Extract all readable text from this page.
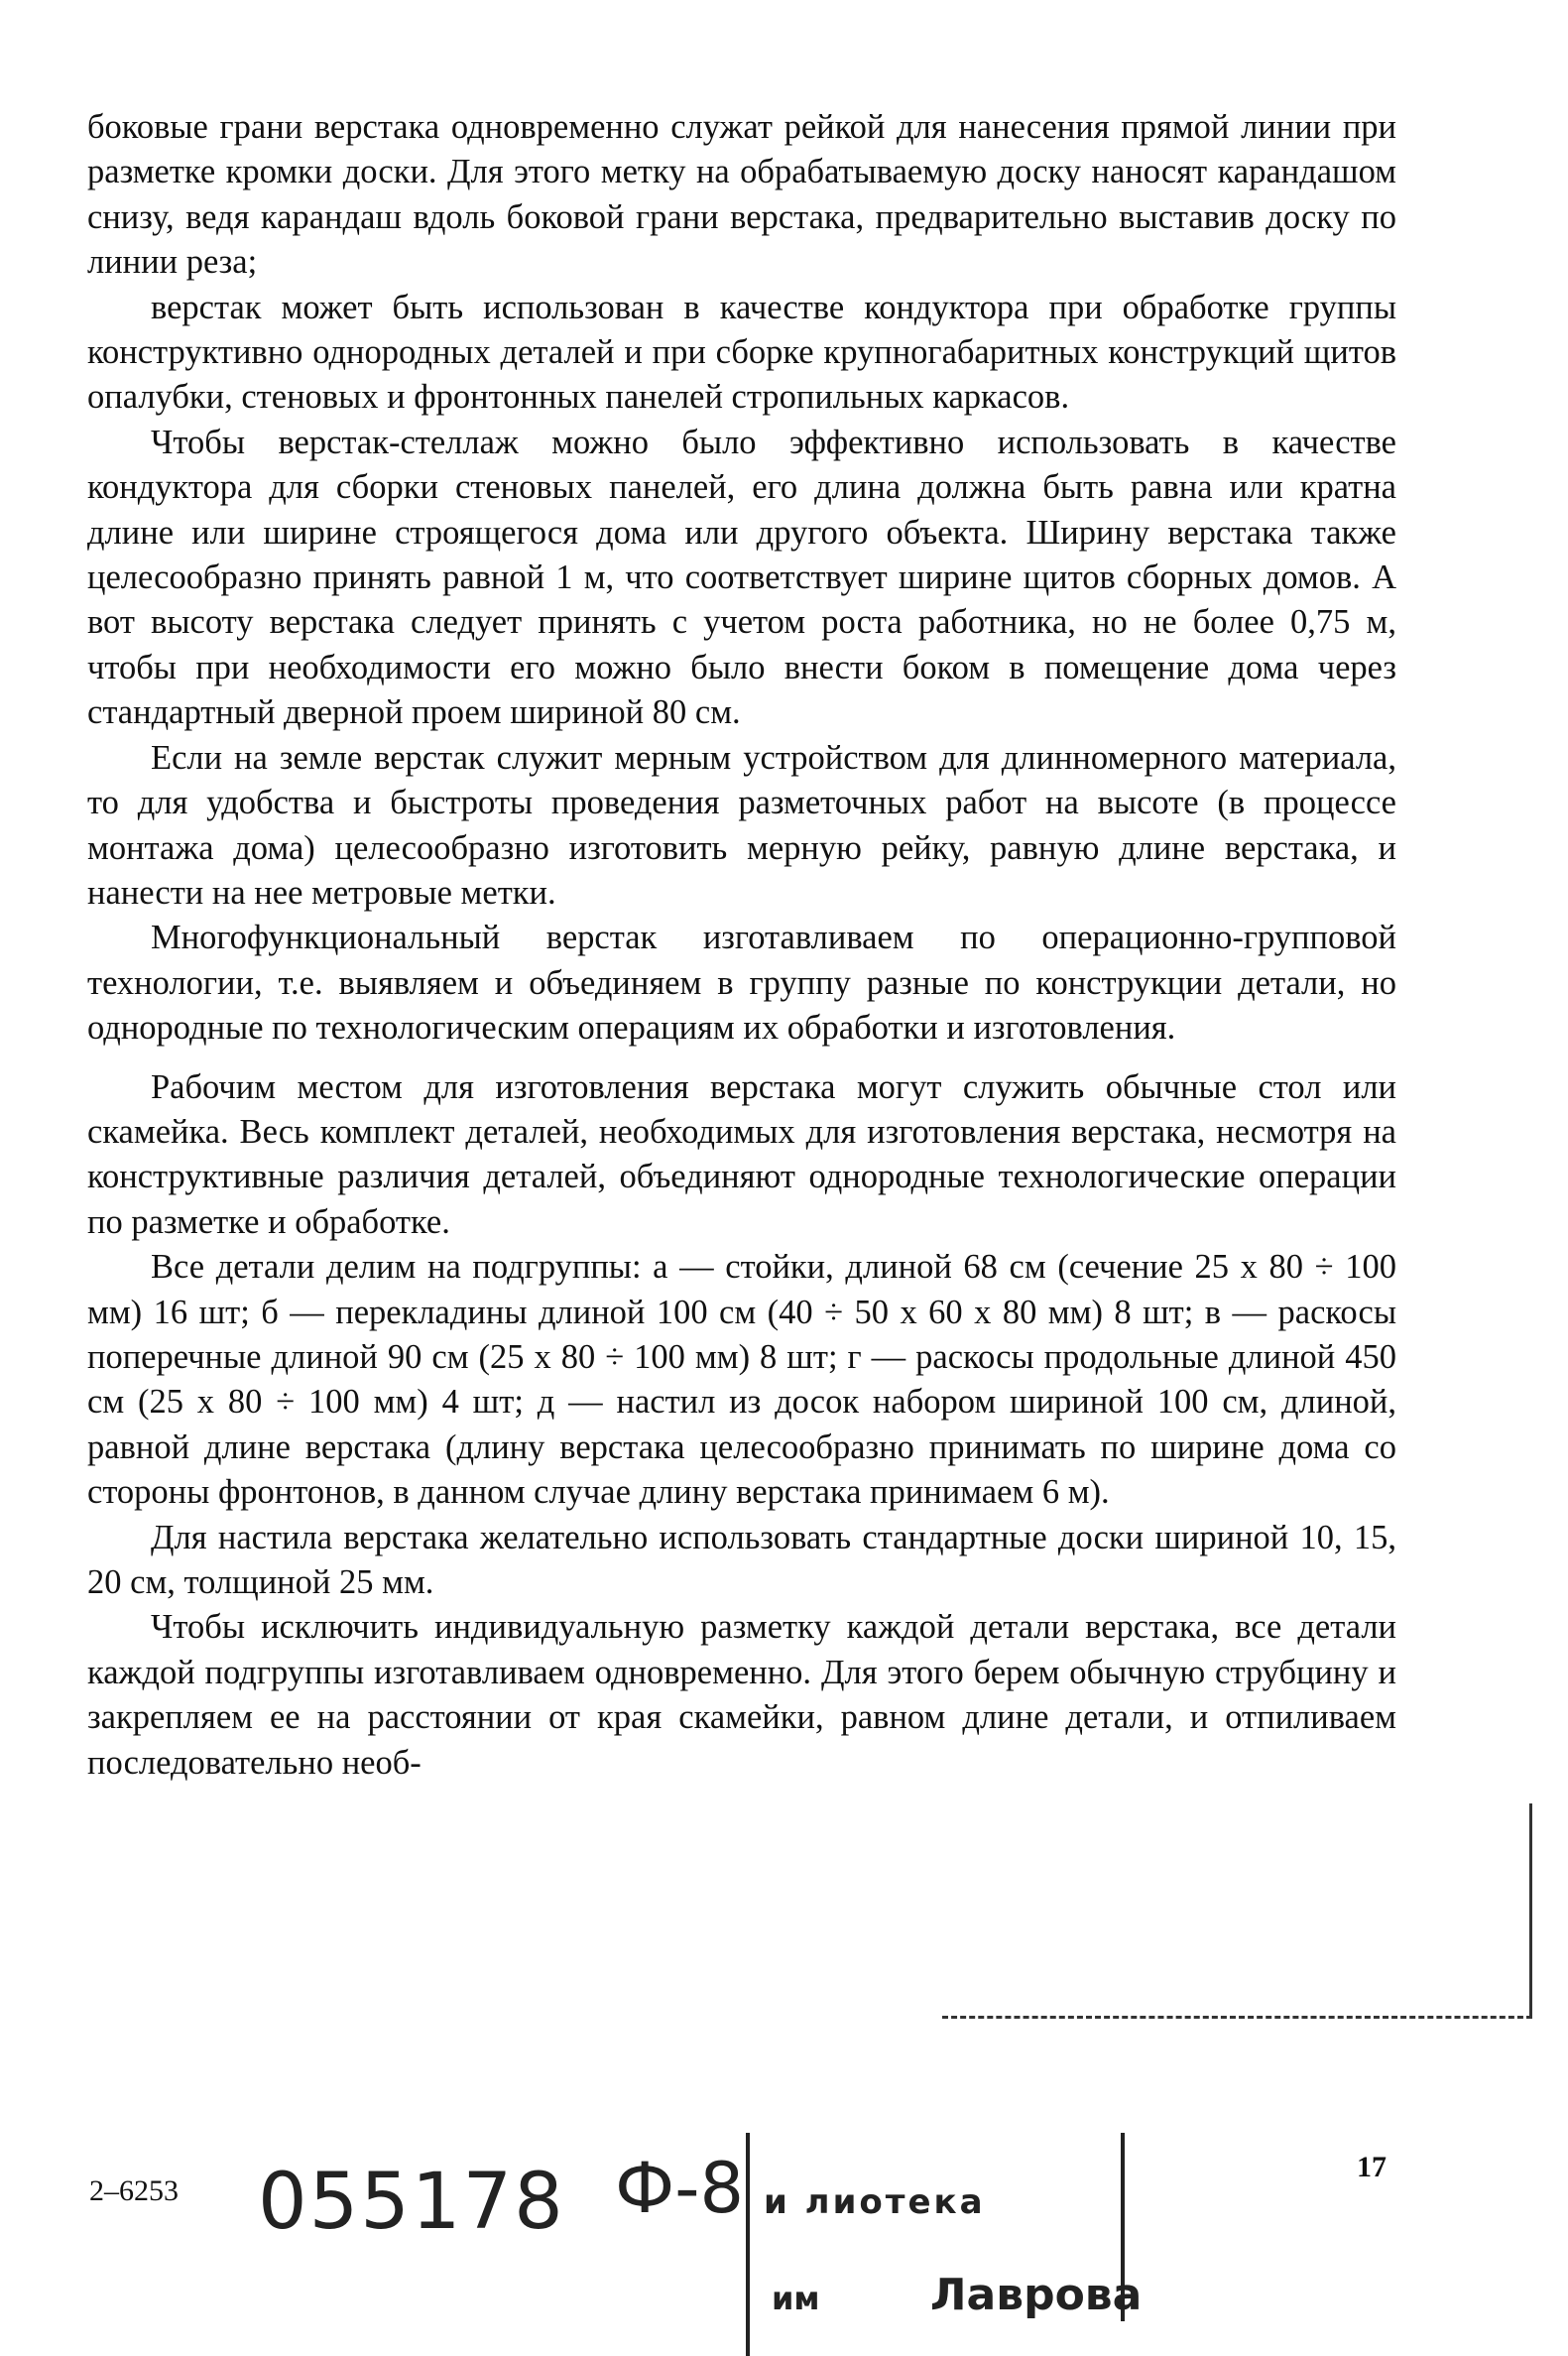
боковые грани верстака одновременно служат рейкой для нанесения прямой линии при разметке кромки доски. Для этого метку на обрабатываемую доску наносят карандашом снизу, ведя карандаш вдоль боковой грани верстака, предварительно выставив доску по линии реза;

верстак может быть использован в качестве кондуктора при обработке группы конструктивно однородных деталей и при сборке крупногабаритных конструкций щитов опалубки, стеновых и фронтонных панелей стропильных каркасов.

Чтобы верстак-стеллаж можно было эффективно использовать в качестве кондуктора для сборки стеновых панелей, его длина должна быть равна или кратна длине или ширине строящегося дома или другого объекта. Ширину верстака также целесообразно принять равной 1 м, что соответствует ширине щитов сборных домов. А вот высоту верстака следует принять с учетом роста работника, но не более 0,75 м, чтобы при необходимости его можно было внести боком в помещение дома через стандартный дверной проем шириной 80 см.

Если на земле верстак служит мерным устройством для длинномерного материала, то для удобства и быстроты проведения разметочных работ на высоте (в процессе монтажа дома) целесообразно изготовить мерную рейку, равную длине верстака, и нанести на нее метровые метки.

Многофункциональный верстак изготавливаем по операционно-групповой технологии, т.е. выявляем и объединяем в группу разные по конструкции детали, но однородные по технологическим операциям их обработки и изготовления.

Рабочим местом для изготовления верстака могут служить обычные стол или скамейка. Весь комплект деталей, необходимых для изготовления верстака, несмотря на конструктивные различия деталей, объединяют однородные технологические операции по разметке и обработке.

Все детали делим на подгруппы: а — стойки, длиной 68 см (сечение 25 х 80 ÷ 100 мм) 16 шт; б — перекладины длиной 100 см (40 ÷ 50 х 60 х 80 мм) 8 шт; в — раскосы поперечные длиной 90 см (25 х 80 ÷ 100 мм) 8 шт; г — раскосы продольные длиной 450 см (25 х 80 ÷ 100 мм) 4 шт; д — настил из досок набором шириной 100 см, длиной, равной длине верстака (длину верстака целесообразно принимать по ширине дома со стороны фронтонов, в данном случае длину верстака принимаем 6 м).

Для настила верстака желательно использовать стандартные доски шириной 10, 15, 20 см, толщиной 25 мм.

Чтобы исключить индивидуальную разметку каждой детали верстака, все детали каждой подгруппы изготавливаем одновременно. Для этого берем обычную струбцину и закрепляем ее на расстоянии от края скамейки, равном длине детали, и отпиливаем последовательно необ-

2–6253
17
055178 Ф-8 и лиотека
им	Лаврова
